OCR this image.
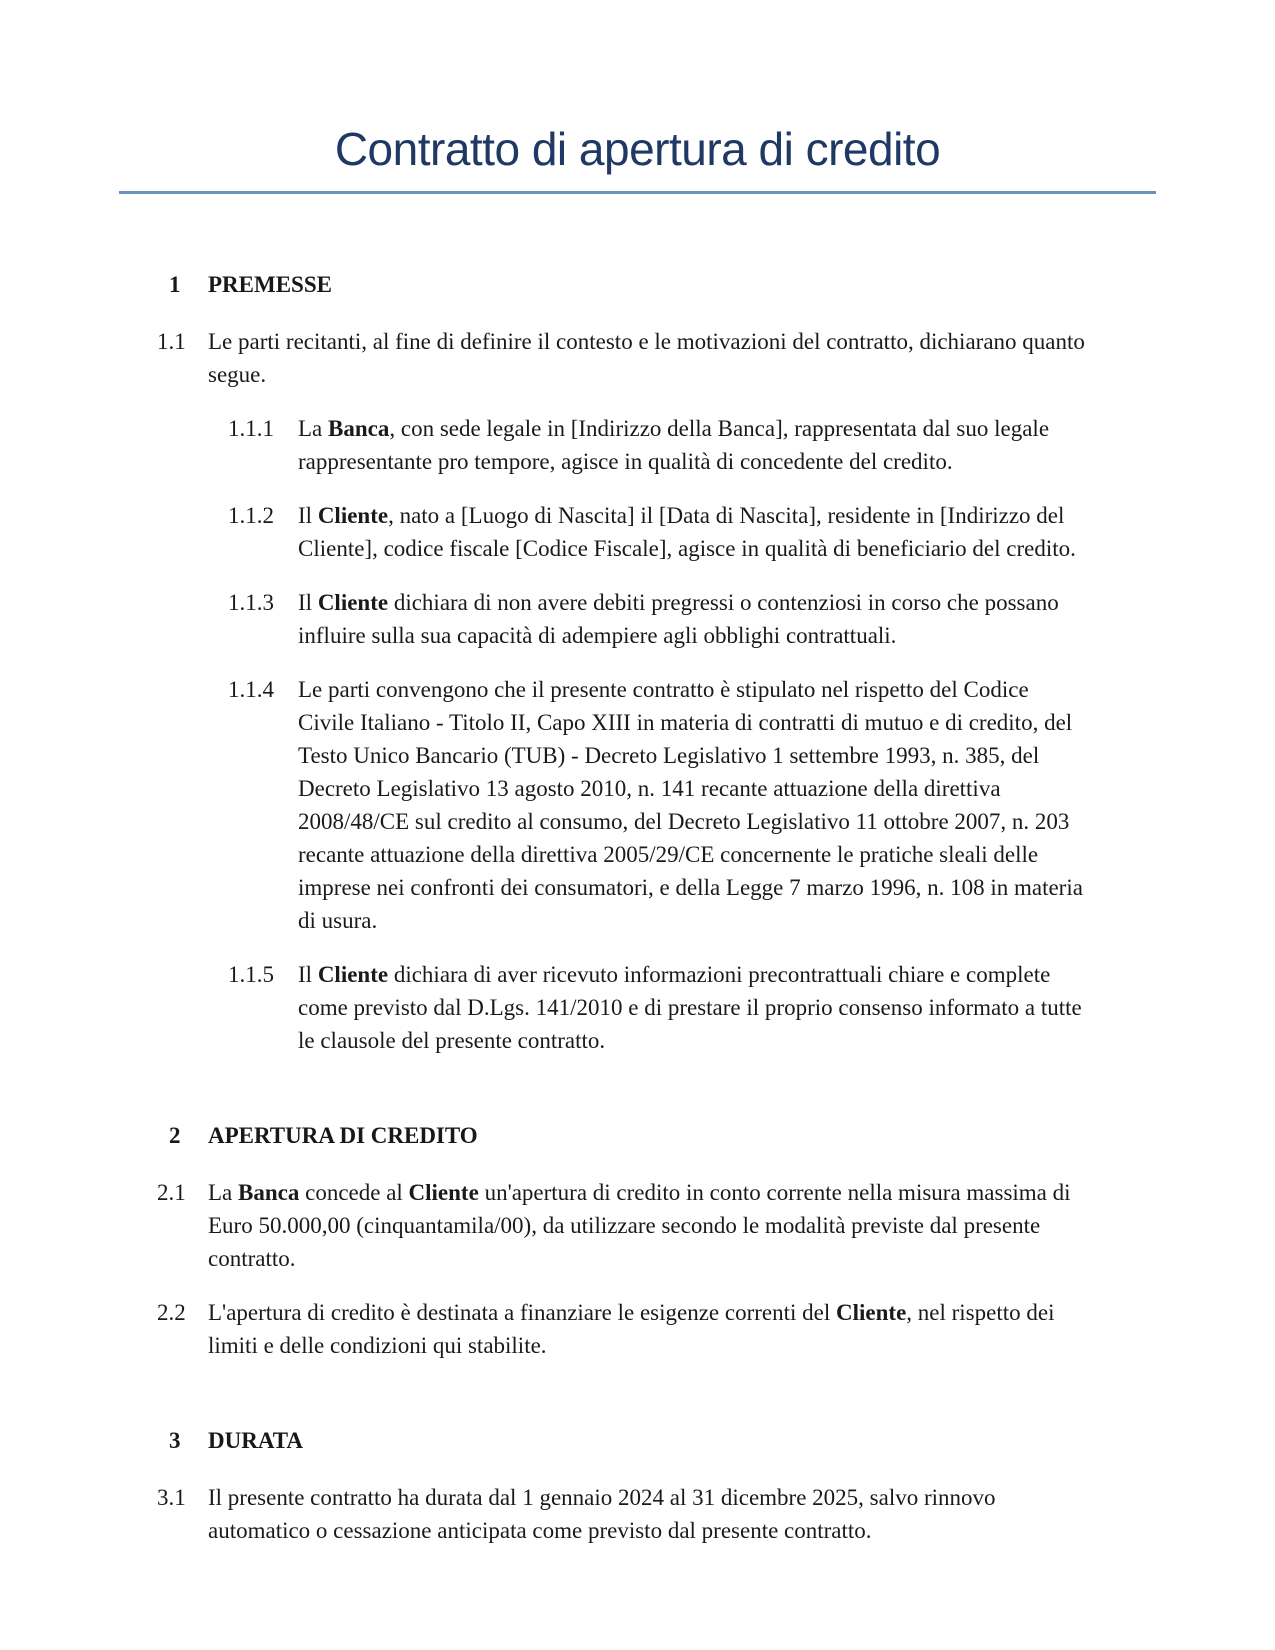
Contratto di apertura di credito
1	PREMESSE
1.1 Le parti recitanti, al fine di definire il contesto e le motivazioni del contratto, dichiarano quanto segue.

1.1.1	La Banca, con sede legale in [Indirizzo della Banca], rappresentata dal suo legale rappresentante pro tempore, agisce in qualità di concedente del credito.

1.1.2	Il Cliente, nato a [Luogo di Nascita] il [Data di Nascita], residente in [Indirizzo del Cliente], codice fiscale [Codice Fiscale], agisce in qualità di beneficiario del credito.

1.1.3	Il Cliente dichiara di non avere debiti pregressi o contenziosi in corso che possano influire sulla sua capacità di adempiere agli obblighi contrattuali.

1.1.4	Le parti convengono che il presente contratto è stipulato nel rispetto del Codice Civile Italiano - Titolo II, Capo XIII in materia di contratti di mutuo e di credito, del Testo Unico Bancario (TUB) - Decreto Legislativo 1 settembre 1993, n. 385, del Decreto Legislativo 13 agosto 2010, n. 141 recante attuazione della direttiva 2008/48/CE sul credito al consumo, del Decreto Legislativo 11 ottobre 2007, n. 203 recante attuazione della direttiva 2005/29/CE concernente le pratiche sleali delle imprese nei confronti dei consumatori, e della Legge 7 marzo 1996, n. 108 in materia di usura.

1.1.5	Il Cliente dichiara di aver ricevuto informazioni precontrattuali chiare e complete come previsto dal D.Lgs. 141/2010 e di prestare il proprio consenso informato a tutte le clausole del presente contratto.

2	APERTURA DI CREDITO
2.1 La Banca concede al Cliente un'apertura di credito in conto corrente nella misura massima di Euro 50.000,00 (cinquantamila/00), da utilizzare secondo le modalità previste dal presente contratto.

2.2 L'apertura di credito è destinata a finanziare le esigenze correnti del Cliente, nel rispetto dei limiti e delle condizioni qui stabilite.

3	DURATA
3.1 Il presente contratto ha durata dal 1 gennaio 2024 al 31 dicembre 2025, salvo rinnovo automatico o cessazione anticipata come previsto dal presente contratto.
